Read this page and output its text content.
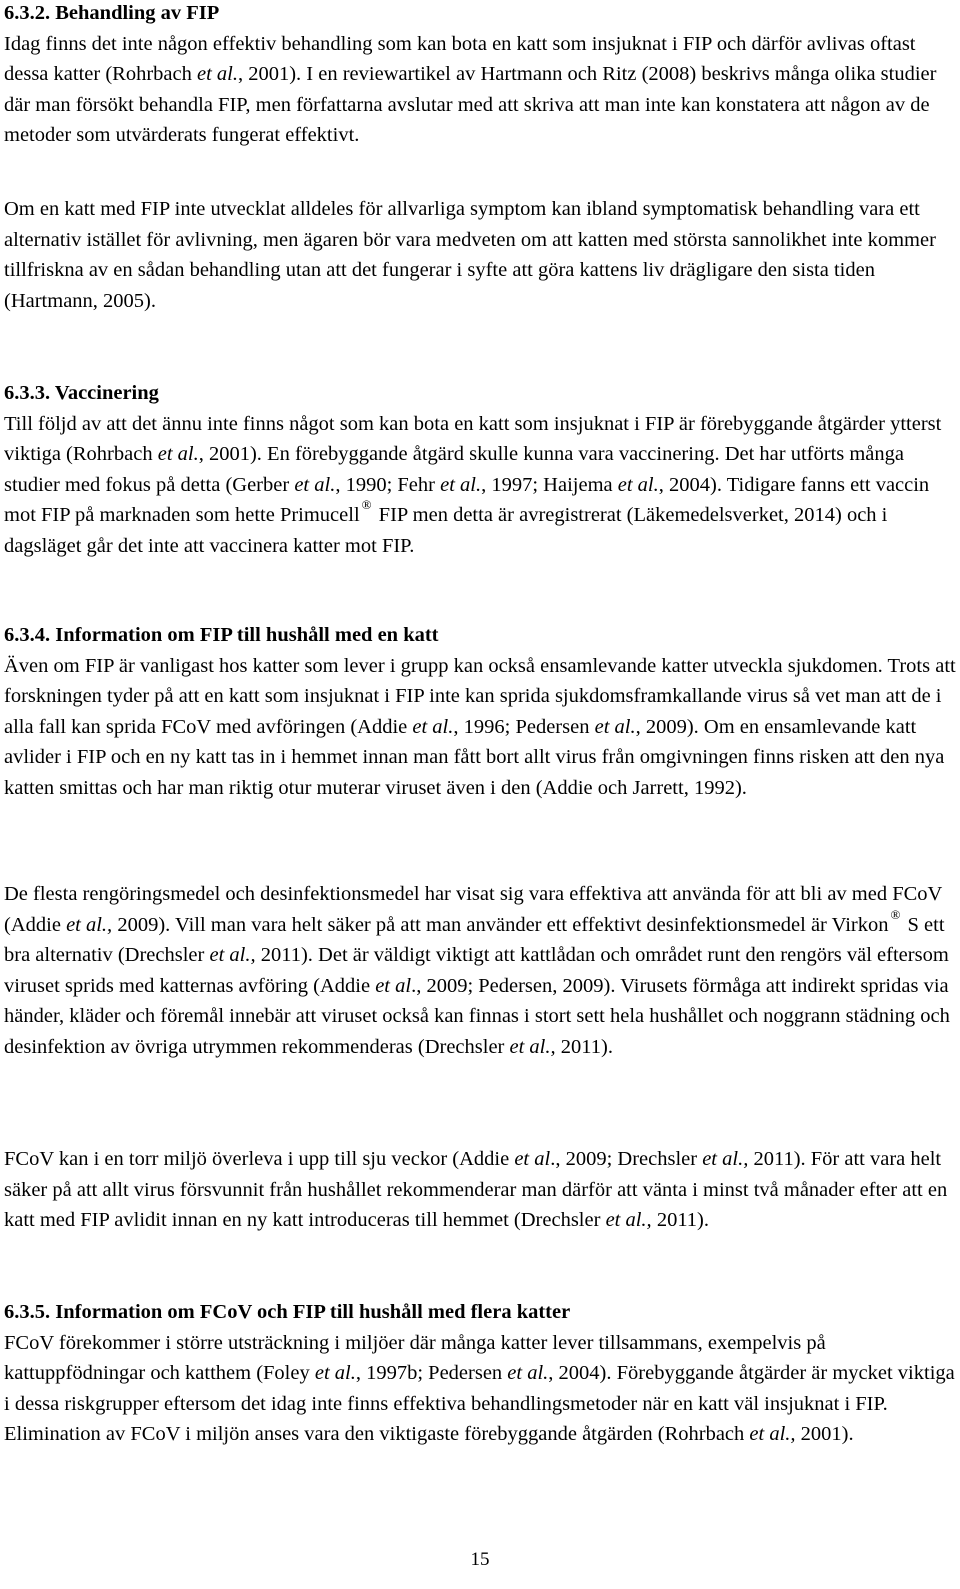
6.3.2. Behandling av FIP

Idag finns det inte någon effektiv behandling som kan bota en katt som insjuknat i FIP och därför avlivas oftast dessa katter (Rohrbach et al., 2001). I en reviewartikel av Hartmann och Ritz (2008) beskrivs många olika studier där man försökt behandla FIP, men författarna avslutar med att skriva att man inte kan konstatera att någon av de metoder som utvärderats fungerat effektivt.

Om en katt med FIP inte utvecklat alldeles för allvarliga symptom kan ibland symptomatisk behandling vara ett alternativ istället för avlivning, men ägaren bör vara medveten om att katten med största sannolikhet inte kommer tillfriskna av en sådan behandling utan att det fungerar i syfte att göra kattens liv drägligare den sista tiden (Hartmann, 2005).

6.3.3. Vaccinering

Till följd av att det ännu inte finns något som kan bota en katt som insjuknat i FIP är förebyggande åtgärder ytterst viktiga (Rohrbach et al., 2001). En förebyggande åtgärd skulle kunna vara vaccinering. Det har utförts många studier med fokus på detta (Gerber et al., 1990; Fehr et al., 1997; Haijema et al., 2004). Tidigare fanns ett vaccin mot FIP på marknaden som hette Primucell ® FIP men detta är avregistrerat (Läkemedelsverket, 2014) och i dagsläget går det inte att vaccinera katter mot FIP.

6.3.4. Information om FIP till hushåll med en katt

Även om FIP är vanligast hos katter som lever i grupp kan också ensamlevande katter utveckla sjukdomen. Trots att forskningen tyder på att en katt som insjuknat i FIP inte kan sprida sjukdomsframkallande virus så vet man att de i alla fall kan sprida FCoV med avföringen (Addie et al., 1996; Pedersen et al., 2009). Om en ensamlevande katt avlider i FIP och en ny katt tas in i hemmet innan man fått bort allt virus från omgivningen finns risken att den nya katten smittas och har man riktig otur muterar viruset även i den (Addie och Jarrett, 1992).

De flesta rengöringsmedel och desinfektionsmedel har visat sig vara effektiva att använda för att bli av med FCoV (Addie et al., 2009). Vill man vara helt säker på att man använder ett effektivt desinfektionsmedel är Virkon ® S ett bra alternativ (Drechsler et al., 2011). Det är väldigt viktigt att kattlådan och området runt den rengörs väl eftersom viruset sprids med katternas avföring (Addie et al., 2009; Pedersen, 2009). Virusets förmåga att indirekt spridas via händer, kläder och föremål innebär att viruset också kan finnas i stort sett hela hushållet och noggrann städning och desinfektion av övriga utrymmen rekommenderas (Drechsler et al., 2011).

FCoV kan i en torr miljö överleva i upp till sju veckor (Addie et al., 2009; Drechsler et al., 2011). För att vara helt säker på att allt virus försvunnit från hushållet rekommenderar man därför att vänta i minst två månader efter att en katt med FIP avlidit innan en ny katt introduceras till hemmet (Drechsler et al., 2011).

6.3.5. Information om FCoV och FIP till hushåll med flera katter

FCoV förekommer i större utsträckning i miljöer där många katter lever tillsammans, exempelvis på kattuppfödningar och katthem (Foley et al., 1997b; Pedersen et al., 2004). Förebyggande åtgärder är mycket viktiga i dessa riskgrupper eftersom det idag inte finns effektiva behandlingsmetoder när en katt väl insjuknat i FIP. Elimination av FCoV i miljön anses vara den viktigaste förebyggande åtgärden (Rohrbach et al., 2001).

15
